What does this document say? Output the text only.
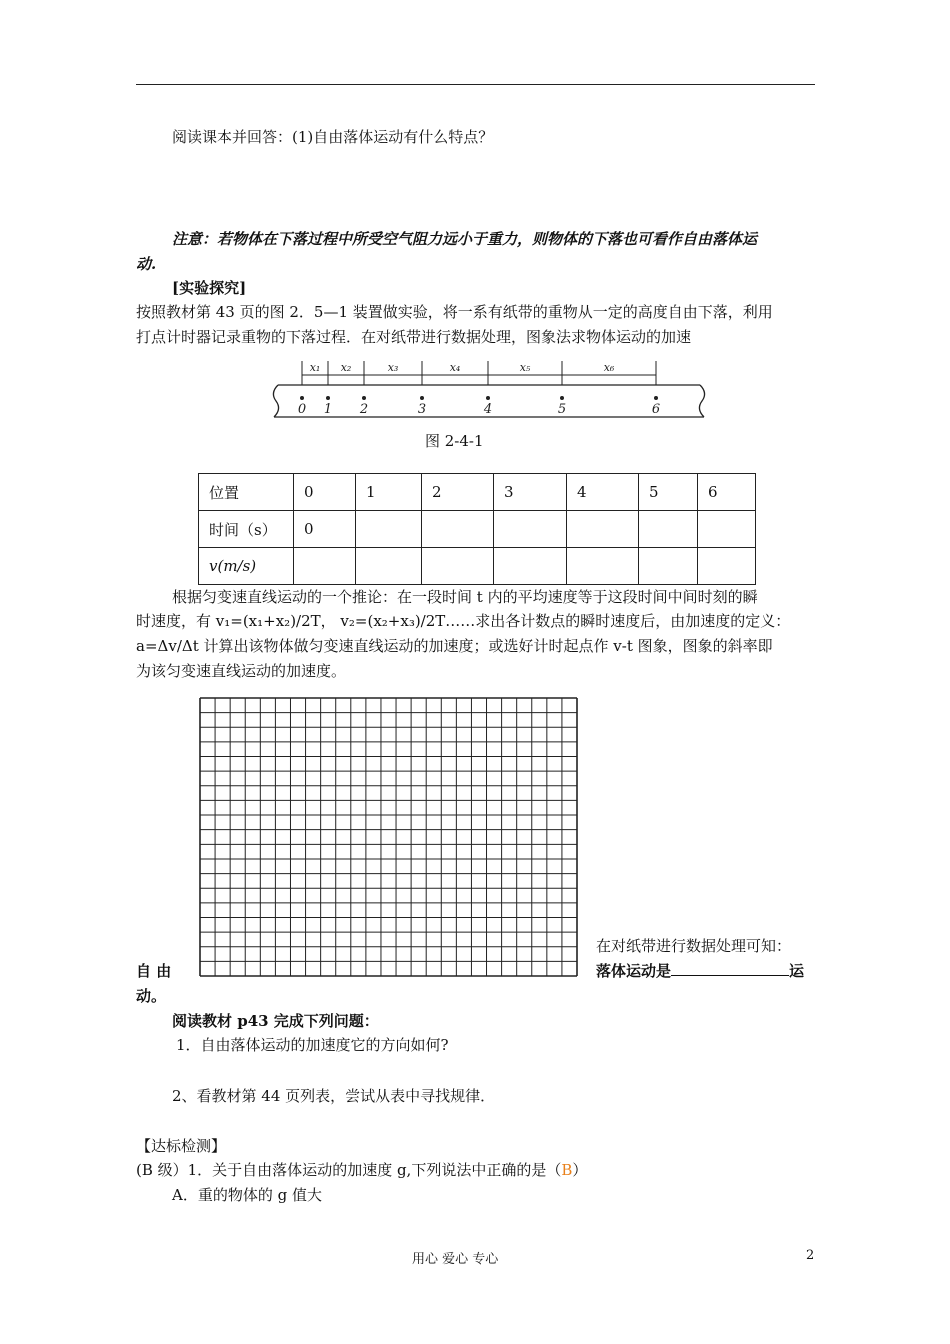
阅读课本并回答：(1)自由落体运动有什么特点？
注意：若物体在下落过程中所受空气阻力远小于重力，则物体的下落也可看作自由落体运
动.
[实验探究]
按照教材第 43 页的图 2．5—1 装置做实验，将一系有纸带的重物从一定的高度自由下落，利用
打点计时器记录重物的下落过程．在对纸带进行数据处理，图象法求物体运动的加速
x₁ x₂	x₃	x₄	x₅	x₆
0 1 2	3	4	5	6
图 2-4-1
位置	0	1	2	3	4	5	6
时间（s）	0						
v(m/s)							
根据匀变速直线运动的一个推论：在一段时间 t 内的平均速度等于这段时间中间时刻的瞬
时速度，有 v₁=(x₁+x₂)/2T， v₂=(x₂+x₃)/2T……求出各计数点的瞬时速度后，由加速度的定义：
a=Δv/Δt 计算出该物体做匀变速直线运动的加速度；或选好计时起点作 v-t 图象，图象的斜率即
为该匀变速直线运动的加速度。
在对纸带进行数据处理可知：
自 由	落体运动是	运
动。
阅读教材 p43 完成下列问题：
1．自由落体运动的加速度它的方向如何?
2、看教材第 44 页列表，尝试从表中寻找规律．
【达标检测】
(B 级）1．关于自由落体运动的加速度 g,下列说法中正确的是（B）
A．重的物体的 g 值大
用心 爱心 专心	2
